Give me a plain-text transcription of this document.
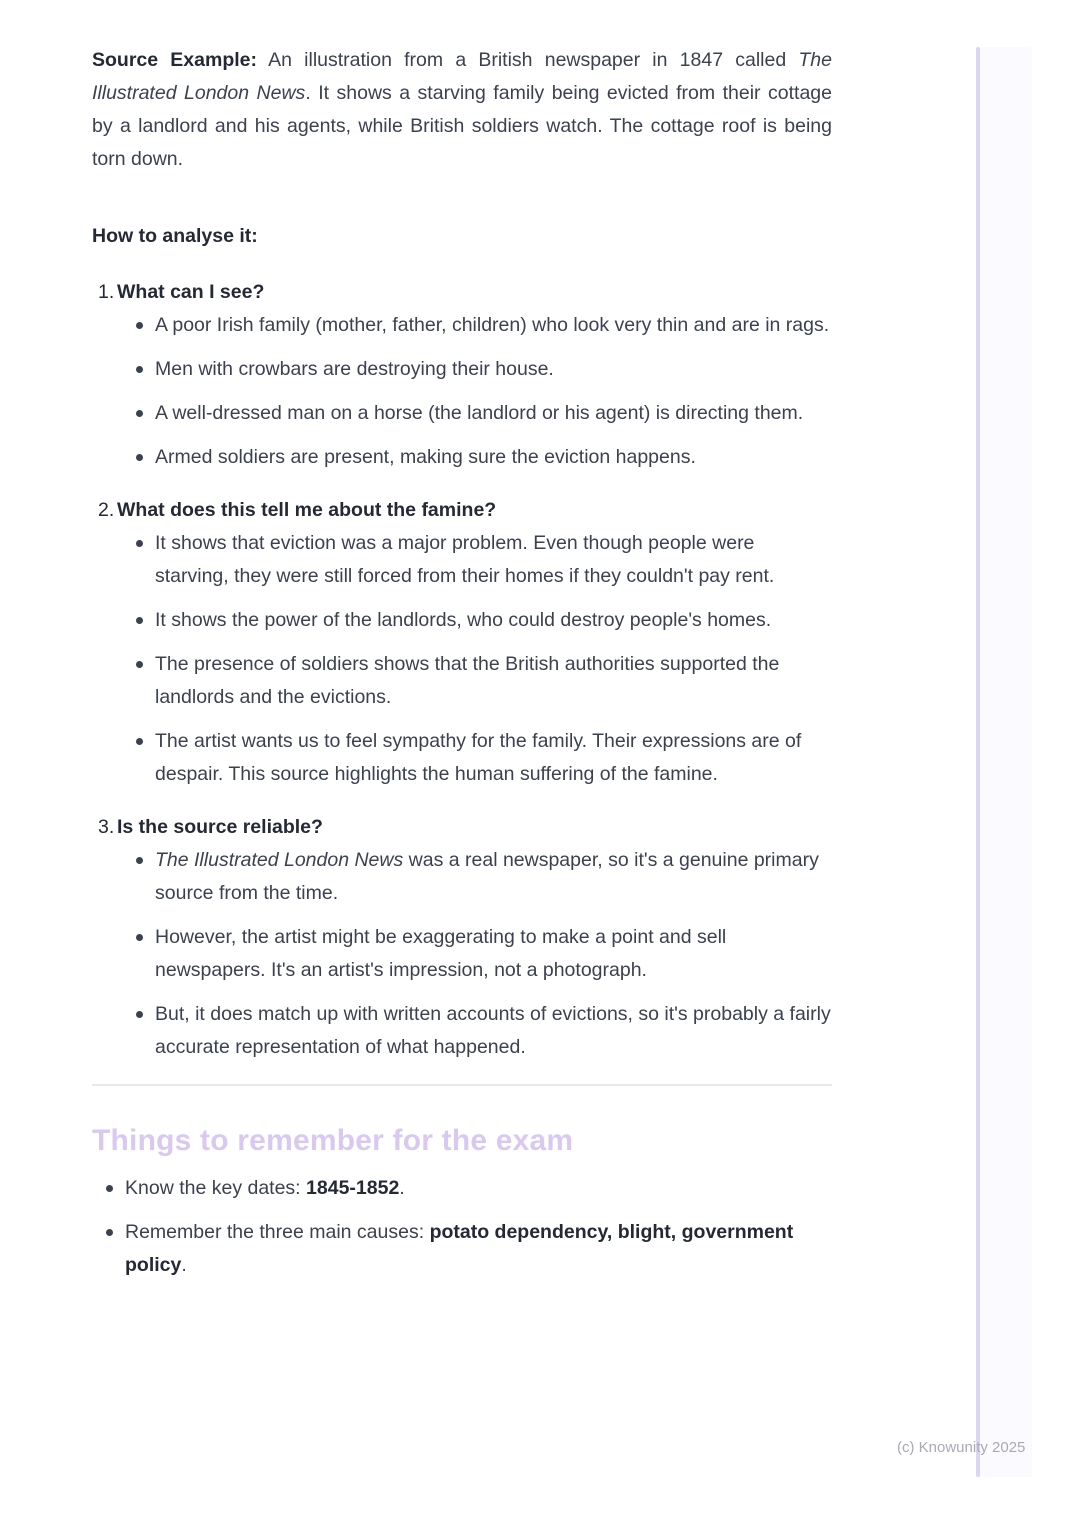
Source Example: An illustration from a British newspaper in 1847 called The Illustrated London News. It shows a starving family being evicted from their cottage by a landlord and his agents, while British soldiers watch. The cottage roof is being torn down.

How to analyse it:

1. What can I see?
A poor Irish family (mother, father, children) who look very thin and are in rags.
Men with crowbars are destroying their house.
A well-dressed man on a horse (the landlord or his agent) is directing them.
Armed soldiers are present, making sure the eviction happens.
2. What does this tell me about the famine?
It shows that eviction was a major problem. Even though people were starving, they were still forced from their homes if they couldn't pay rent.
It shows the power of the landlords, who could destroy people's homes.
The presence of soldiers shows that the British authorities supported the landlords and the evictions.
The artist wants us to feel sympathy for the family. Their expressions are of despair. This source highlights the human suffering of the famine.
3. Is the source reliable?
The Illustrated London News was a real newspaper, so it's a genuine primary source from the time.
However, the artist might be exaggerating to make a point and sell newspapers. It's an artist's impression, not a photograph.
But, it does match up with written accounts of evictions, so it's probably a fairly accurate representation of what happened.
Things to remember for the exam
Know the key dates: 1845-1852.
Remember the three main causes: potato dependency, blight, government policy.
(c) Knowunity 2025
